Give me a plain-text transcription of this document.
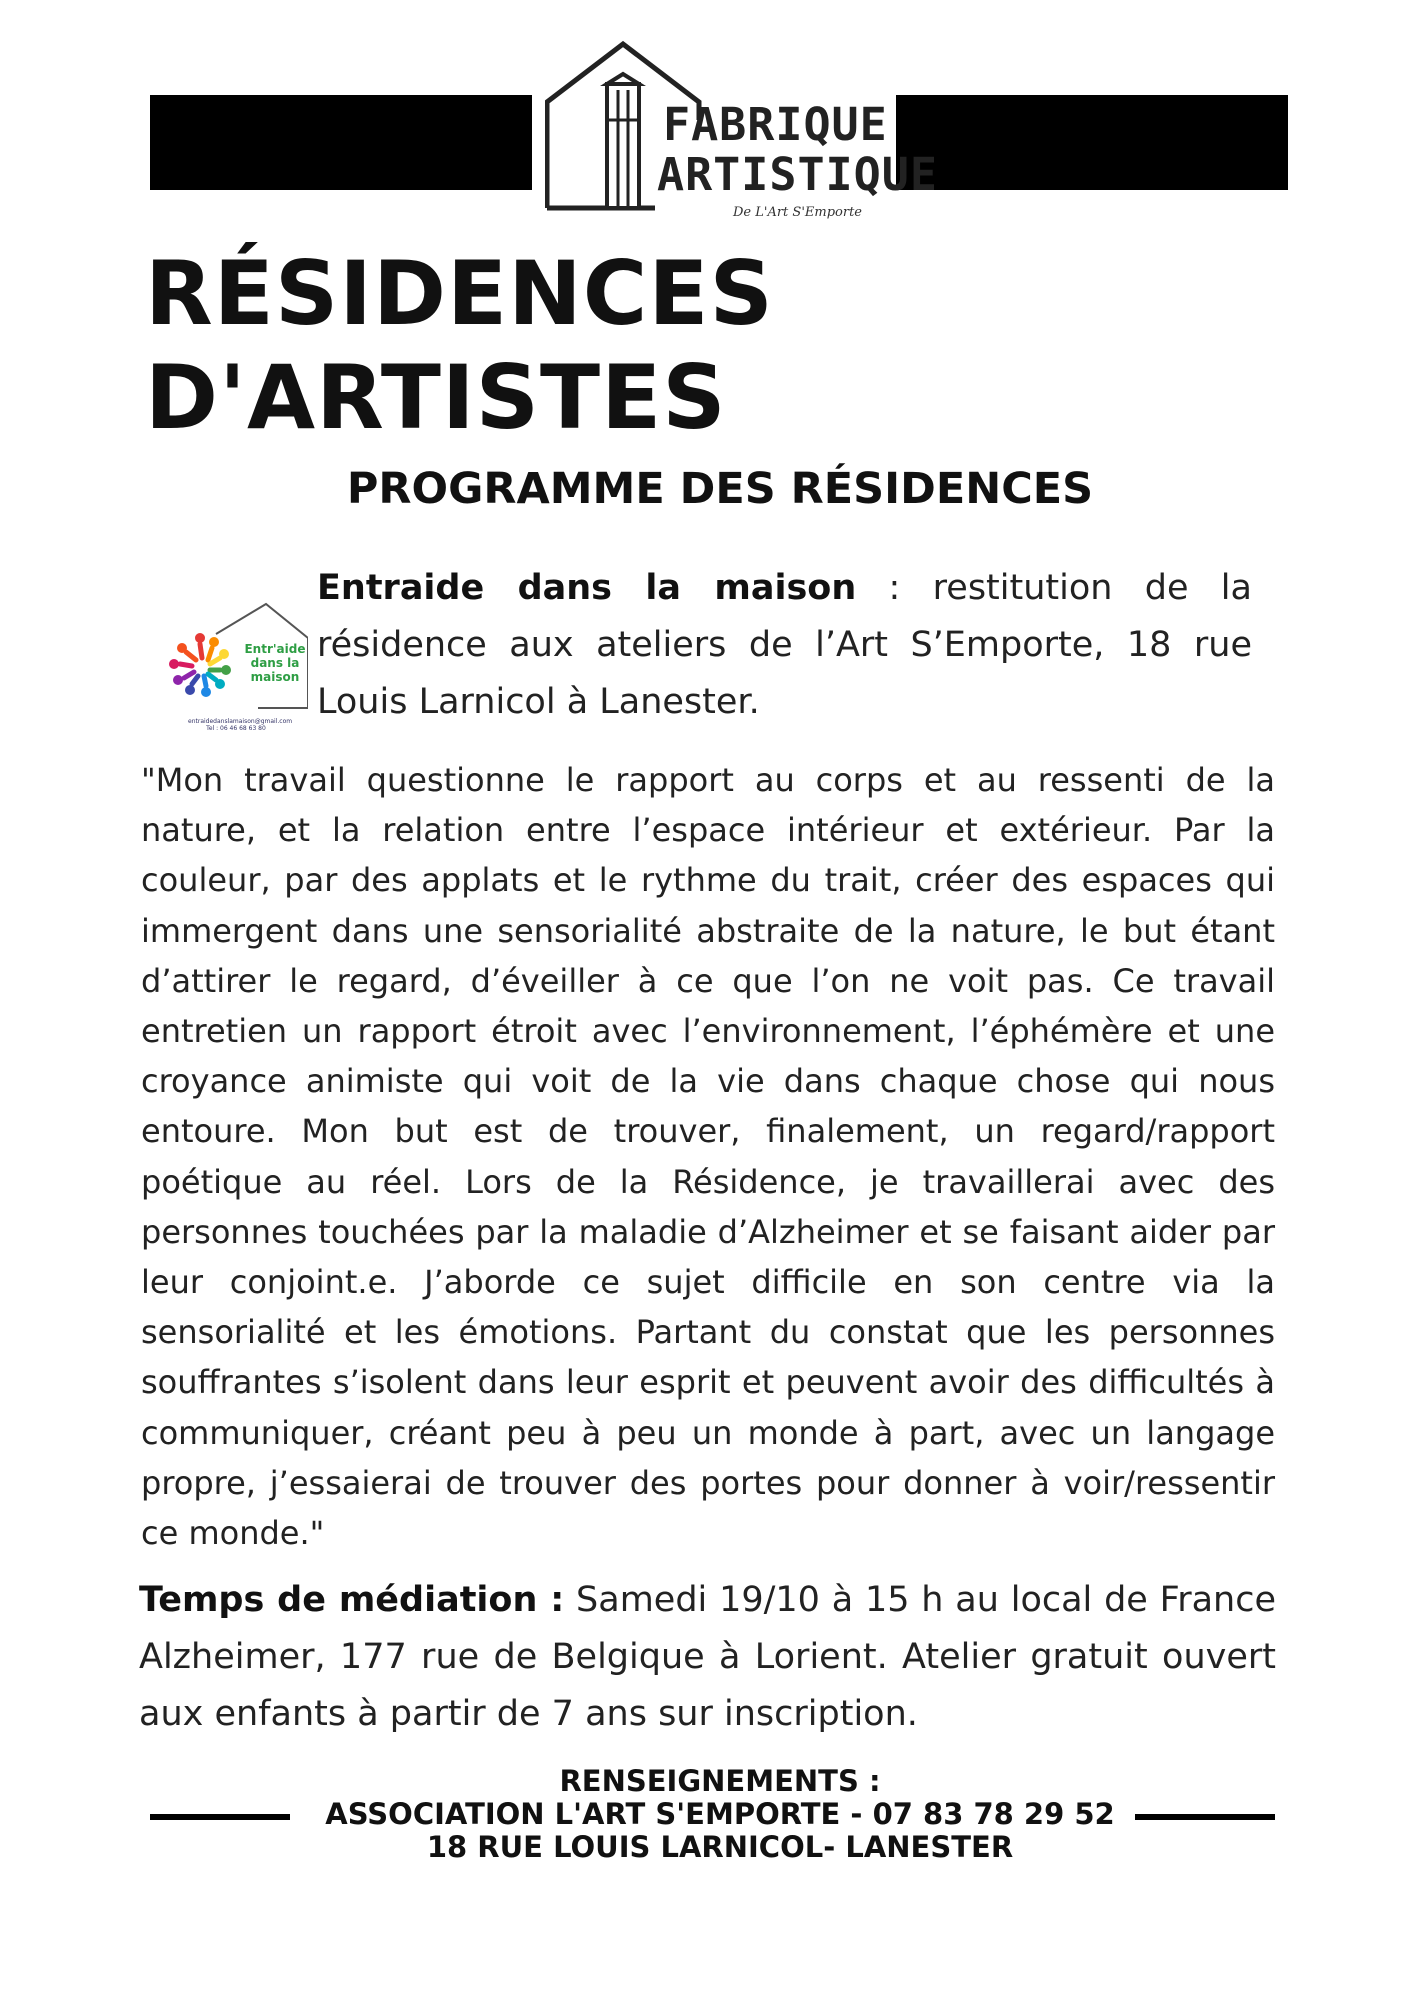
FABRIQUE
ARTISTIQUE
De L'Art S'Emporte
RÉSIDENCES
D'ARTISTES
PROGRAMME DES RÉSIDENCES
Entr'aide dans la maison
entraidedanslamaison@gmail.com Tel : 06 46 68 63 80

Entraide dans la maison : restitution de la résidence aux ateliers de l’Art S’Emporte, 18 rue Louis Larnicol à Lanester.

"Mon travail questionne le rapport au corps et au ressenti de la nature, et la relation entre l’espace intérieur et extérieur. Par la couleur, par des applats et le rythme du trait, créer des espaces qui immergent dans une sensorialité abstraite de la nature, le but étant d’attirer le regard, d’éveiller à ce que l’on ne voit pas. Ce travail entretien un rapport étroit avec l’environnement, l’éphémère et une croyance animiste qui voit de la vie dans chaque chose qui nous entoure. Mon but est de trouver, finalement, un regard/rapport poétique au réel. Lors de la Résidence, je travaillerai avec des personnes touchées par la maladie d’Alzheimer et se faisant aider par leur conjoint.e. J’aborde ce sujet difficile en son centre via la sensorialité et les émotions. Partant du constat que les personnes souffrantes s’isolent dans leur esprit et peuvent avoir des difficultés à communiquer, créant peu à peu un monde à part, avec un langage propre, j’essaierai de trouver des portes pour donner à voir/ressentir ce monde."

Temps de médiation : Samedi 19/10 à 15 h au local de France Alzheimer, 177 rue de Belgique à Lorient. Atelier gratuit ouvert aux enfants à partir de 7 ans sur inscription.

RENSEIGNEMENTS :
ASSOCIATION L'ART S'EMPORTE - 07 83 78 29 52
18 RUE LOUIS LARNICOL- LANESTER
